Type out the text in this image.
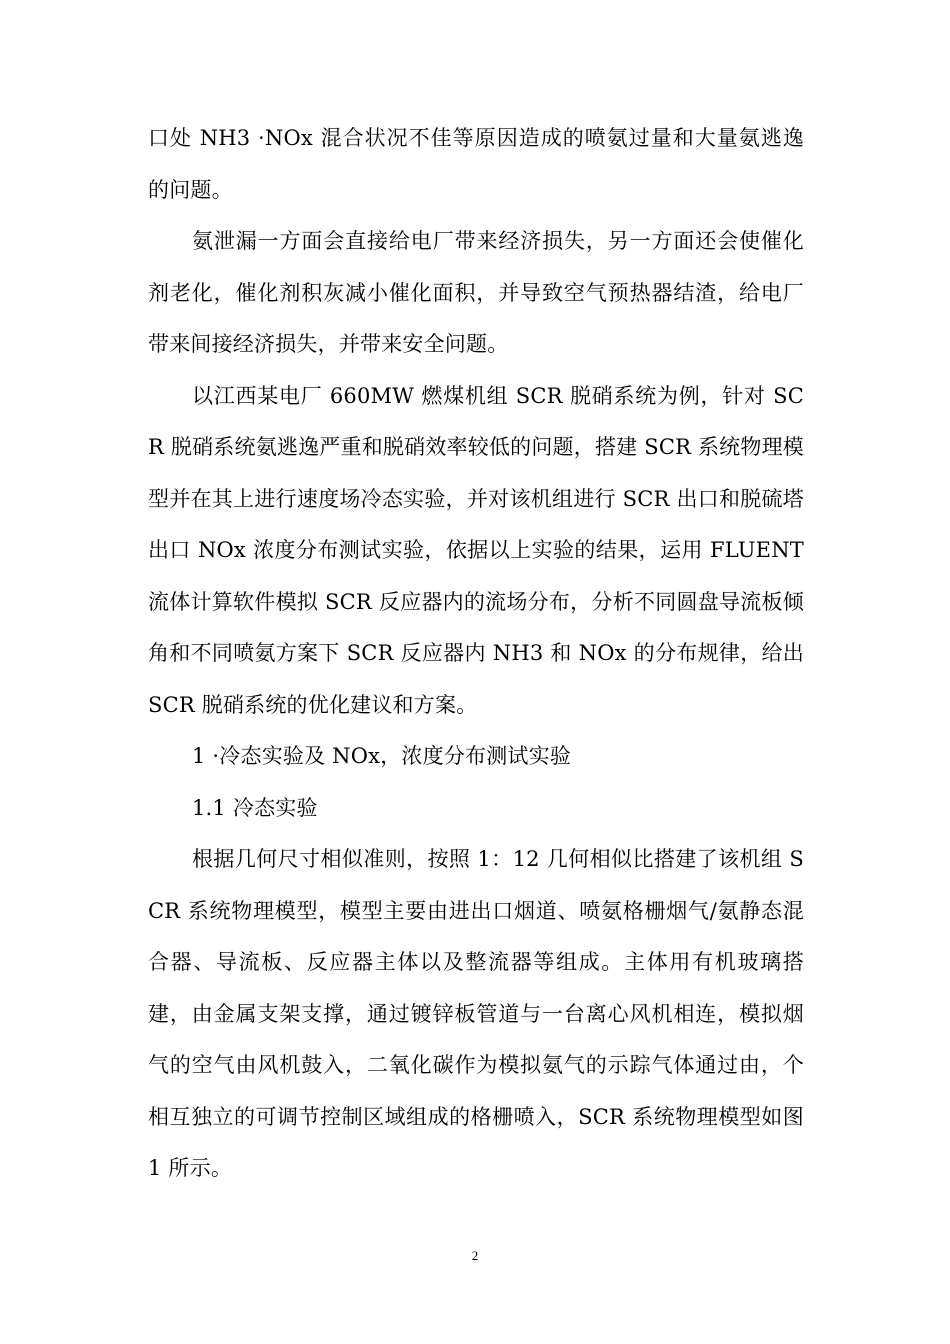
口处 NH3 ·NOx 混合状况不佳等原因造成的喷氨过量和大量氨逃逸的问题。

氨泄漏一方面会直接给电厂带来经济损失，另一方面还会使催化剂老化，催化剂积灰减小催化面积，并导致空气预热器结渣，给电厂带来间接经济损失，并带来安全问题。

以江西某电厂 660MW 燃煤机组 SCR 脱硝系统为例，针对 SCR 脱硝系统氨逃逸严重和脱硝效率较低的问题，搭建 SCR 系统物理模型并在其上进行速度场冷态实验，并对该机组进行 SCR 出口和脱硫塔出口 NOx 浓度分布测试实验，依据以上实验的结果，运用 FLUENT 流体计算软件模拟 SCR 反应器内的流场分布，分析不同圆盘导流板倾角和不同喷氨方案下 SCR 反应器内 NH3 和 NOx 的分布规律，给出 SCR 脱硝系统的优化建议和方案。

1 ·冷态实验及 NOx，浓度分布测试实验

1.1 冷态实验

根据几何尺寸相似准则，按照 1：12 几何相似比搭建了该机组 SCR 系统物理模型，模型主要由进出口烟道、喷氨格栅烟气/氨静态混合器、导流板、反应器主体以及整流器等组成。主体用有机玻璃搭建，由金属支架支撑，通过镀锌板管道与一台离心风机相连，模拟烟气的空气由风机鼓入，二氧化碳作为模拟氨气的示踪气体通过由，个相互独立的可调节控制区域组成的格栅喷入，SCR 系统物理模型如图 1 所示。

2
